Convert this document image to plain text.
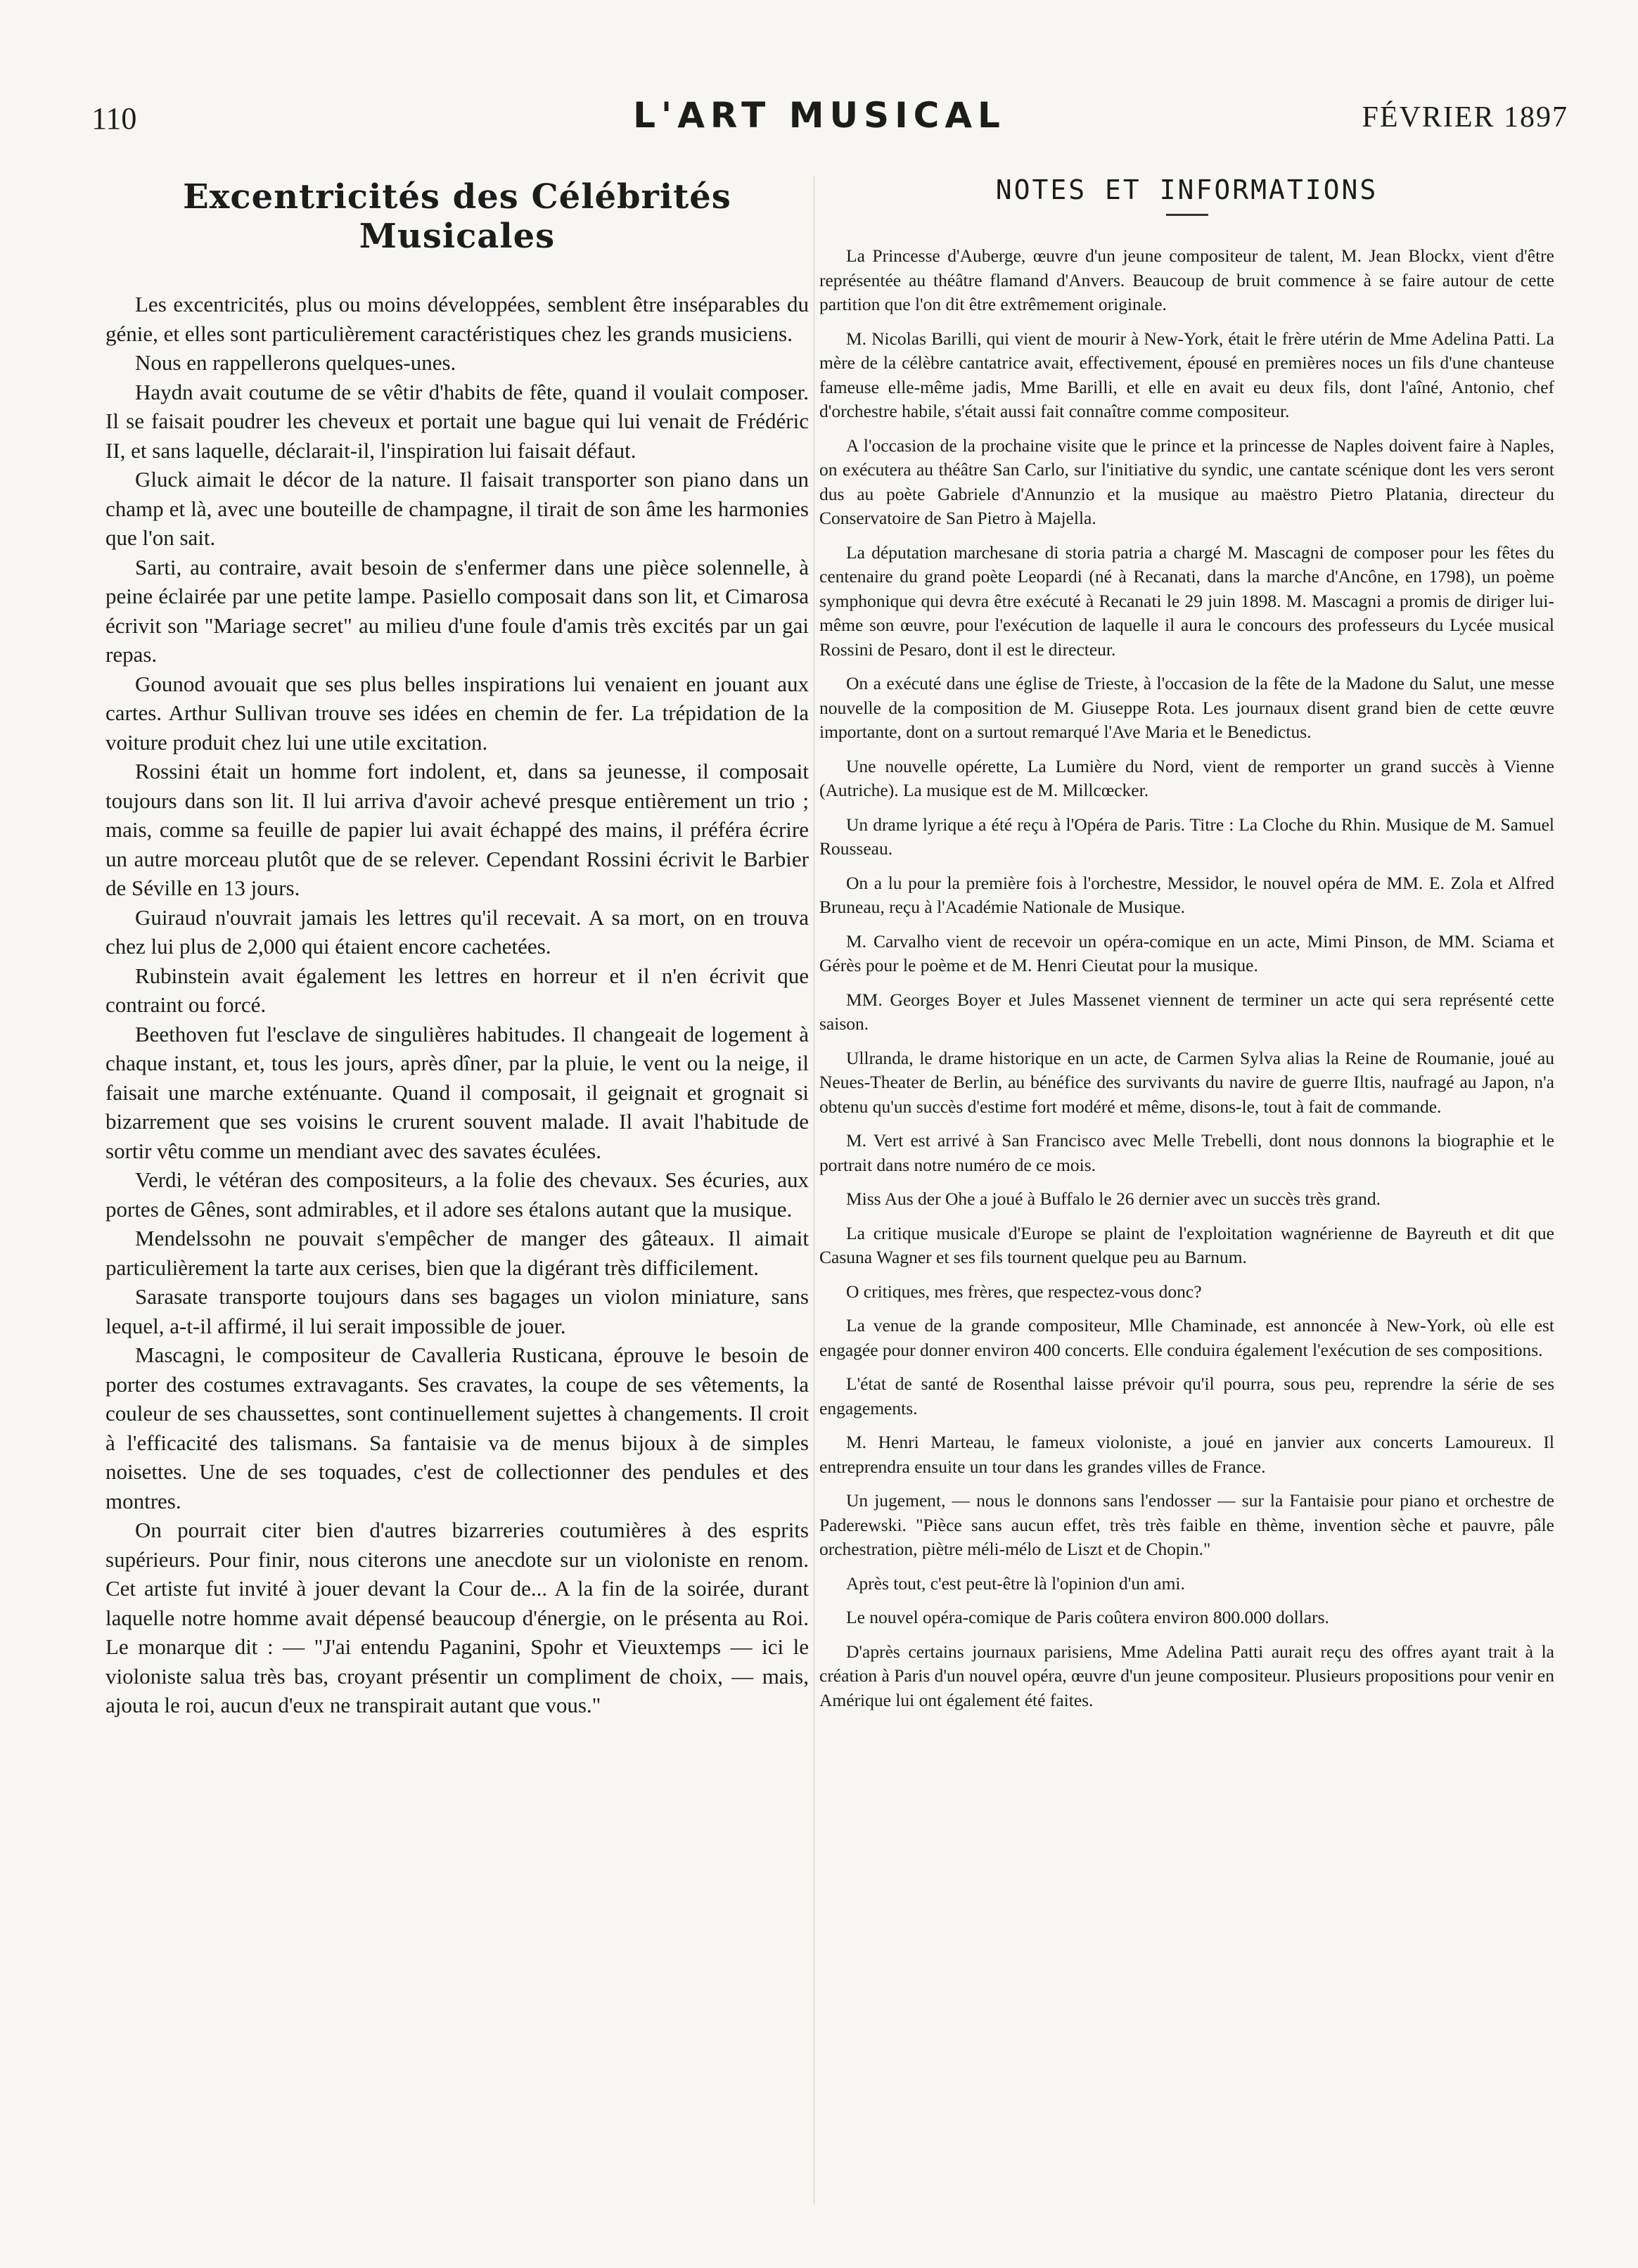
110	L'ART MUSICAL	FÉVRIER 1897
Excentricités des Célébrités Musicales

Les excentricités, plus ou moins développées, semblent être inséparables du génie, et elles sont particulièrement caractéristiques chez les grands musiciens.

Nous en rappellerons quelques-unes.

Haydn avait coutume de se vêtir d'habits de fête, quand il voulait composer. Il se faisait poudrer les cheveux et portait une bague qui lui venait de Frédéric II, et sans laquelle, déclarait-il, l'inspiration lui faisait défaut.

Gluck aimait le décor de la nature. Il faisait transporter son piano dans un champ et là, avec une bouteille de champagne, il tirait de son âme les harmonies que l'on sait.

Sarti, au contraire, avait besoin de s'enfermer dans une pièce solennelle, à peine éclairée par une petite lampe. Pasiello composait dans son lit, et Cimarosa écrivit son "Mariage secret" au milieu d'une foule d'amis très excités par un gai repas.

Gounod avouait que ses plus belles inspirations lui venaient en jouant aux cartes. Arthur Sullivan trouve ses idées en chemin de fer. La trépidation de la voiture produit chez lui une utile excitation.

Rossini était un homme fort indolent, et, dans sa jeunesse, il composait toujours dans son lit. Il lui arriva d'avoir achevé presque entièrement un trio ; mais, comme sa feuille de papier lui avait échappé des mains, il préféra écrire un autre morceau plutôt que de se relever. Cependant Rossini écrivit le Barbier de Séville en 13 jours.

Guiraud n'ouvrait jamais les lettres qu'il recevait. A sa mort, on en trouva chez lui plus de 2,000 qui étaient encore cachetées.

Rubinstein avait également les lettres en horreur et il n'en écrivit que contraint ou forcé.

Beethoven fut l'esclave de singulières habitudes. Il changeait de logement à chaque instant, et, tous les jours, après dîner, par la pluie, le vent ou la neige, il faisait une marche exténuante. Quand il composait, il geignait et grognait si bizarrement que ses voisins le crurent souvent malade. Il avait l'habitude de sortir vêtu comme un mendiant avec des savates éculées.

Verdi, le vétéran des compositeurs, a la folie des chevaux. Ses écuries, aux portes de Gênes, sont admirables, et il adore ses étalons autant que la musique.

Mendelssohn ne pouvait s'empêcher de manger des gâteaux. Il aimait particulièrement la tarte aux cerises, bien que la digérant très difficilement.

Sarasate transporte toujours dans ses bagages un violon miniature, sans lequel, a-t-il affirmé, il lui serait impossible de jouer.

Mascagni, le compositeur de Cavalleria Rusticana, éprouve le besoin de porter des costumes extravagants. Ses cravates, la coupe de ses vêtements, la couleur de ses chaussettes, sont continuellement sujettes à changements. Il croit à l'efficacité des talismans. Sa fantaisie va de menus bijoux à de simples noisettes. Une de ses toquades, c'est de collectionner des pendules et des montres.

On pourrait citer bien d'autres bizarreries coutumières à des esprits supérieurs. Pour finir, nous citerons une anecdote sur un violoniste en renom. Cet artiste fut invité à jouer devant la Cour de... A la fin de la soirée, durant laquelle notre homme avait dépensé beaucoup d'énergie, on le présenta au Roi. Le monarque dit : — "J'ai entendu Paganini, Spohr et Vieuxtemps — ici le violoniste salua très bas, croyant présentir un compliment de choix, — mais, ajouta le roi, aucun d'eux ne transpirait autant que vous."

NOTES ET INFORMATIONS

La Princesse d'Auberge, œuvre d'un jeune compositeur de talent, M. Jean Blockx, vient d'être représentée au théâtre flamand d'Anvers. Beaucoup de bruit commence à se faire autour de cette partition que l'on dit être extrêmement originale.

M. Nicolas Barilli, qui vient de mourir à New-York, était le frère utérin de Mme Adelina Patti. La mère de la célèbre cantatrice avait, effectivement, épousé en premières noces un fils d'une chanteuse fameuse elle-même jadis, Mme Barilli, et elle en avait eu deux fils, dont l'aîné, Antonio, chef d'orchestre habile, s'était aussi fait connaître comme compositeur.

A l'occasion de la prochaine visite que le prince et la princesse de Naples doivent faire à Naples, on exécutera au théâtre San Carlo, sur l'initiative du syndic, une cantate scénique dont les vers seront dus au poète Gabriele d'Annunzio et la musique au maëstro Pietro Platania, directeur du Conservatoire de San Pietro à Majella.

La députation marchesane di storia patria a chargé M. Mascagni de composer pour les fêtes du centenaire du grand poète Leopardi (né à Recanati, dans la marche d'Ancône, en 1798), un poème symphonique qui devra être exécuté à Recanati le 29 juin 1898. M. Mascagni a promis de diriger lui-même son œuvre, pour l'exécution de laquelle il aura le concours des professeurs du Lycée musical Rossini de Pesaro, dont il est le directeur.

On a exécuté dans une église de Trieste, à l'occasion de la fête de la Madone du Salut, une messe nouvelle de la composition de M. Giuseppe Rota. Les journaux disent grand bien de cette œuvre importante, dont on a surtout remarqué l'Ave Maria et le Benedictus.

Une nouvelle opérette, La Lumière du Nord, vient de remporter un grand succès à Vienne (Autriche). La musique est de M. Millcœcker.

Un drame lyrique a été reçu à l'Opéra de Paris. Titre : La Cloche du Rhin. Musique de M. Samuel Rousseau.

On a lu pour la première fois à l'orchestre, Messidor, le nouvel opéra de MM. E. Zola et Alfred Bruneau, reçu à l'Académie Nationale de Musique.

M. Carvalho vient de recevoir un opéra-comique en un acte, Mimi Pinson, de MM. Sciama et Gérès pour le poème et de M. Henri Cieutat pour la musique.

MM. Georges Boyer et Jules Massenet viennent de terminer un acte qui sera représenté cette saison.

Ullranda, le drame historique en un acte, de Carmen Sylva alias la Reine de Roumanie, joué au Neues-Theater de Berlin, au bénéfice des survivants du navire de guerre Iltis, naufragé au Japon, n'a obtenu qu'un succès d'estime fort modéré et même, disons-le, tout à fait de commande.

M. Vert est arrivé à San Francisco avec Melle Trebelli, dont nous donnons la biographie et le portrait dans notre numéro de ce mois.

Miss Aus der Ohe a joué à Buffalo le 26 dernier avec un succès très grand.

La critique musicale d'Europe se plaint de l'exploitation wagnérienne de Bayreuth et dit que Casuna Wagner et ses fils tournent quelque peu au Barnum.

O critiques, mes frères, que respectez-vous donc?

La venue de la grande compositeur, Mlle Chaminade, est annoncée à New-York, où elle est engagée pour donner environ 400 concerts. Elle conduira également l'exécution de ses compositions.

L'état de santé de Rosenthal laisse prévoir qu'il pourra, sous peu, reprendre la série de ses engagements.

M. Henri Marteau, le fameux violoniste, a joué en janvier aux concerts Lamoureux. Il entreprendra ensuite un tour dans les grandes villes de France.

Un jugement, — nous le donnons sans l'endosser — sur la Fantaisie pour piano et orchestre de Paderewski. "Pièce sans aucun effet, très très faible en thème, invention sèche et pauvre, pâle orchestration, piètre méli-mélo de Liszt et de Chopin."

Après tout, c'est peut-être là l'opinion d'un ami.

Le nouvel opéra-comique de Paris coûtera environ 800.000 dollars.

D'après certains journaux parisiens, Mme Adelina Patti aurait reçu des offres ayant trait à la création à Paris d'un nouvel opéra, œuvre d'un jeune compositeur. Plusieurs propositions pour venir en Amérique lui ont également été faites.
